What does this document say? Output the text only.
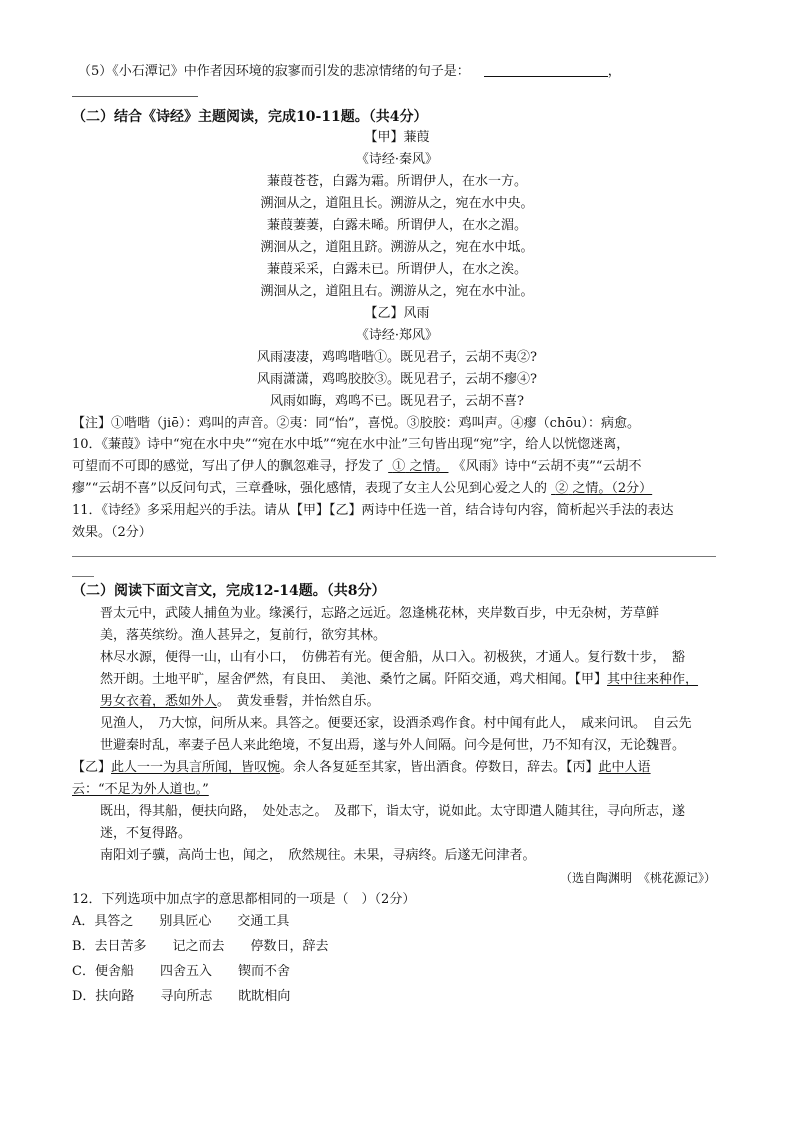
（5）《小石潭记》中作者因环境的寂寥而引发的悲凉情绪的句子是：	，
（二）结合《诗经》主题阅读，完成10-11题。（共4分）
【甲】蒹葭
《诗经·秦风》
蒹葭苍苍，白露为霜。所谓伊人，在水一方。
溯洄从之，道阻且长。溯游从之，宛在水中央。
蒹葭萋萋，白露未晞。所谓伊人，在水之湄。
溯洄从之，道阻且跻。溯游从之，宛在水中坻。
蒹葭采采，白露未已。所谓伊人，在水之涘。
溯洄从之，道阻且右。溯游从之，宛在水中沚。
【乙】风雨
《诗经·郑风》
风雨凄凄，鸡鸣喈喈①。既见君子，云胡不夷②?
风雨潇潇，鸡鸣胶胶③。既见君子，云胡不瘳④?
风雨如晦，鸡鸣不已。既见君子，云胡不喜?
【注】①喈喈（jiē）：鸡叫的声音。②夷：同“怡”，喜悦。③胶胶：鸡叫声。④瘳（chōu）：病愈。
10．《蒹葭》诗中“宛在水中央”“宛在水中坻”“宛在水中沚”三句皆出现“宛”字，给人以恍惚迷离，
可望而不可即的感觉，写出了伊人的飘忽难寻，抒发了 ① 之情。 《风雨》诗中“云胡不夷”“云胡不
瘳”“云胡不喜”以反问句式，三章叠咏，强化感情，表现了女主人公见到心爱之人的 ② 之情。（2分）
11．《诗经》多采用起兴的手法。请从【甲】【乙】两诗中任选一首，结合诗句内容，简析起兴手法的表达
效果。（2分）
（二）阅读下面文言文，完成12-14题。（共8分）
晋太元中，武陵人捕鱼为业。缘溪行，忘路之远近。忽逢桃花林，夹岸数百步，中无杂树，芳草鲜
美，落英缤纷。渔人甚异之，复前行，欲穷其林。
林尽水源，便得一山，山有小口，　仿佛若有光。便舍船，从口入。初极狭，才通人。复行数十步，　豁
然开朗。土地平旷，屋舍俨然，有良田、　美池、桑竹之属。阡陌交通，鸡犬相闻。【甲】其中往来种作，
男女衣着，悉如外人。　黄发垂髫，并怡然自乐。
见渔人，　乃大惊，问所从来。具答之。便要还家，设酒杀鸡作食。村中闻有此人，　咸来问讯。　自云先
世避秦时乱，率妻子邑人来此绝境，不复出焉，遂与外人间隔。问今是何世，乃不知有汉，无论魏晋。
【乙】此人一一为具言所闻，皆叹惋。余人各复延至其家，皆出酒食。停数日，辞去。【丙】此中人语
云：“不足为外人道也。”
既出，得其船，便扶向路，　处处志之。　及郡下，诣太守，说如此。太守即遣人随其往，寻向所志，遂
迷，不复得路。
南阳刘子骥，高尚士也，闻之，　欣然规往。未果，寻病终。后遂无问津者。
（选自陶渊明　《桃花源记》）
12．下列选项中加点字的意思都相同的一项是（　）（2分）
A．具答之　　别具匠心　　交通工具
B．去日苦多　　记之而去　　停数日，辞去
C．便舍船　　四舍五入　　锲而不舍
D．扶向路　　寻向所志　　眈眈相向
